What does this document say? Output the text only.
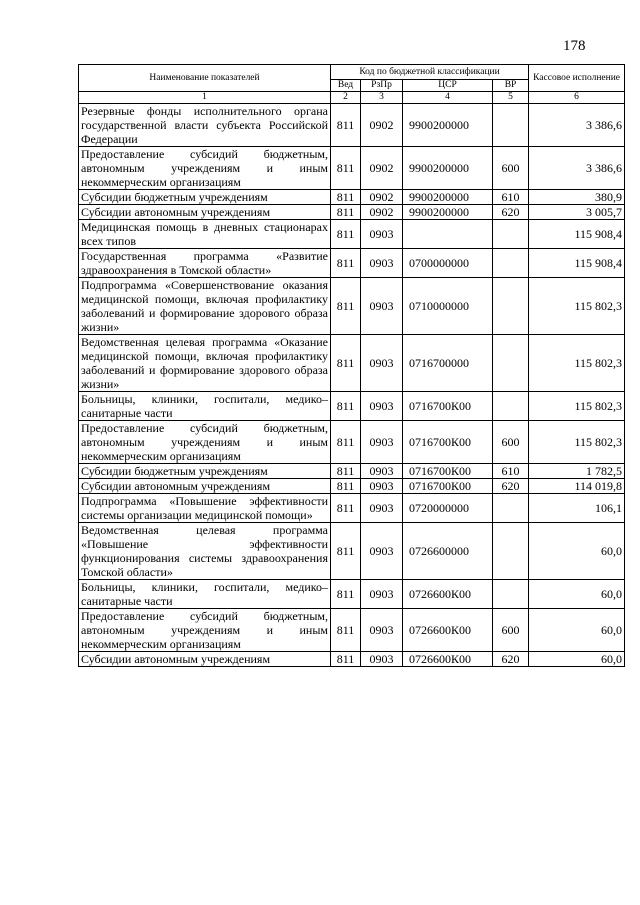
178
Наименование показателей	Код по бюджетной классификации				Кассовое исполнение
	Вед	РзПр	ЦСР	ВР	
1	2	3	4	5	6
Резервные фонды исполнительного органа государственной власти субъекта Российской Федерации	811	0902	9900200000		3 386,6
Предоставление субсидий бюджетным, автономным учреждениям и иным некоммерческим организациям	811	0902	9900200000	600	3 386,6
Субсидии бюджетным учреждениям	811	0902	9900200000	610	380,9
Субсидии автономным учреждениям	811	0902	9900200000	620	3 005,7
Медицинская помощь в дневных стационарах всех типов	811	0903			115 908,4
Государственная программа «Развитие здравоохранения в Томской области»	811	0903	0700000000		115 908,4
Подпрограмма «Совершенствование оказания медицинской помощи, включая профилактику заболеваний и формирование здорового образа жизни»	811	0903	0710000000		115 802,3
Ведомственная целевая программа «Оказание медицинской помощи, включая профилактику заболеваний и формирование здорового образа жизни»	811	0903	0716700000		115 802,3
Больницы, клиники, госпитали, медико–санитарные части	811	0903	0716700К00		115 802,3
Предоставление субсидий бюджетным, автономным учреждениям и иным некоммерческим организациям	811	0903	0716700К00	600	115 802,3
Субсидии бюджетным учреждениям	811	0903	0716700К00	610	1 782,5
Субсидии автономным учреждениям	811	0903	0716700К00	620	114 019,8
Подпрограмма «Повышение эффективности системы организации медицинской помощи»	811	0903	0720000000		106,1
Ведомственная целевая программа «Повышение эффективности функционирования системы здравоохранения Томской области»	811	0903	0726600000		60,0
Больницы, клиники, госпитали, медико–санитарные части	811	0903	0726600К00		60,0
Предоставление субсидий бюджетным, автономным учреждениям и иным некоммерческим организациям	811	0903	0726600К00	600	60,0
Субсидии автономным учреждениям	811	0903	0726600К00	620	60,0
